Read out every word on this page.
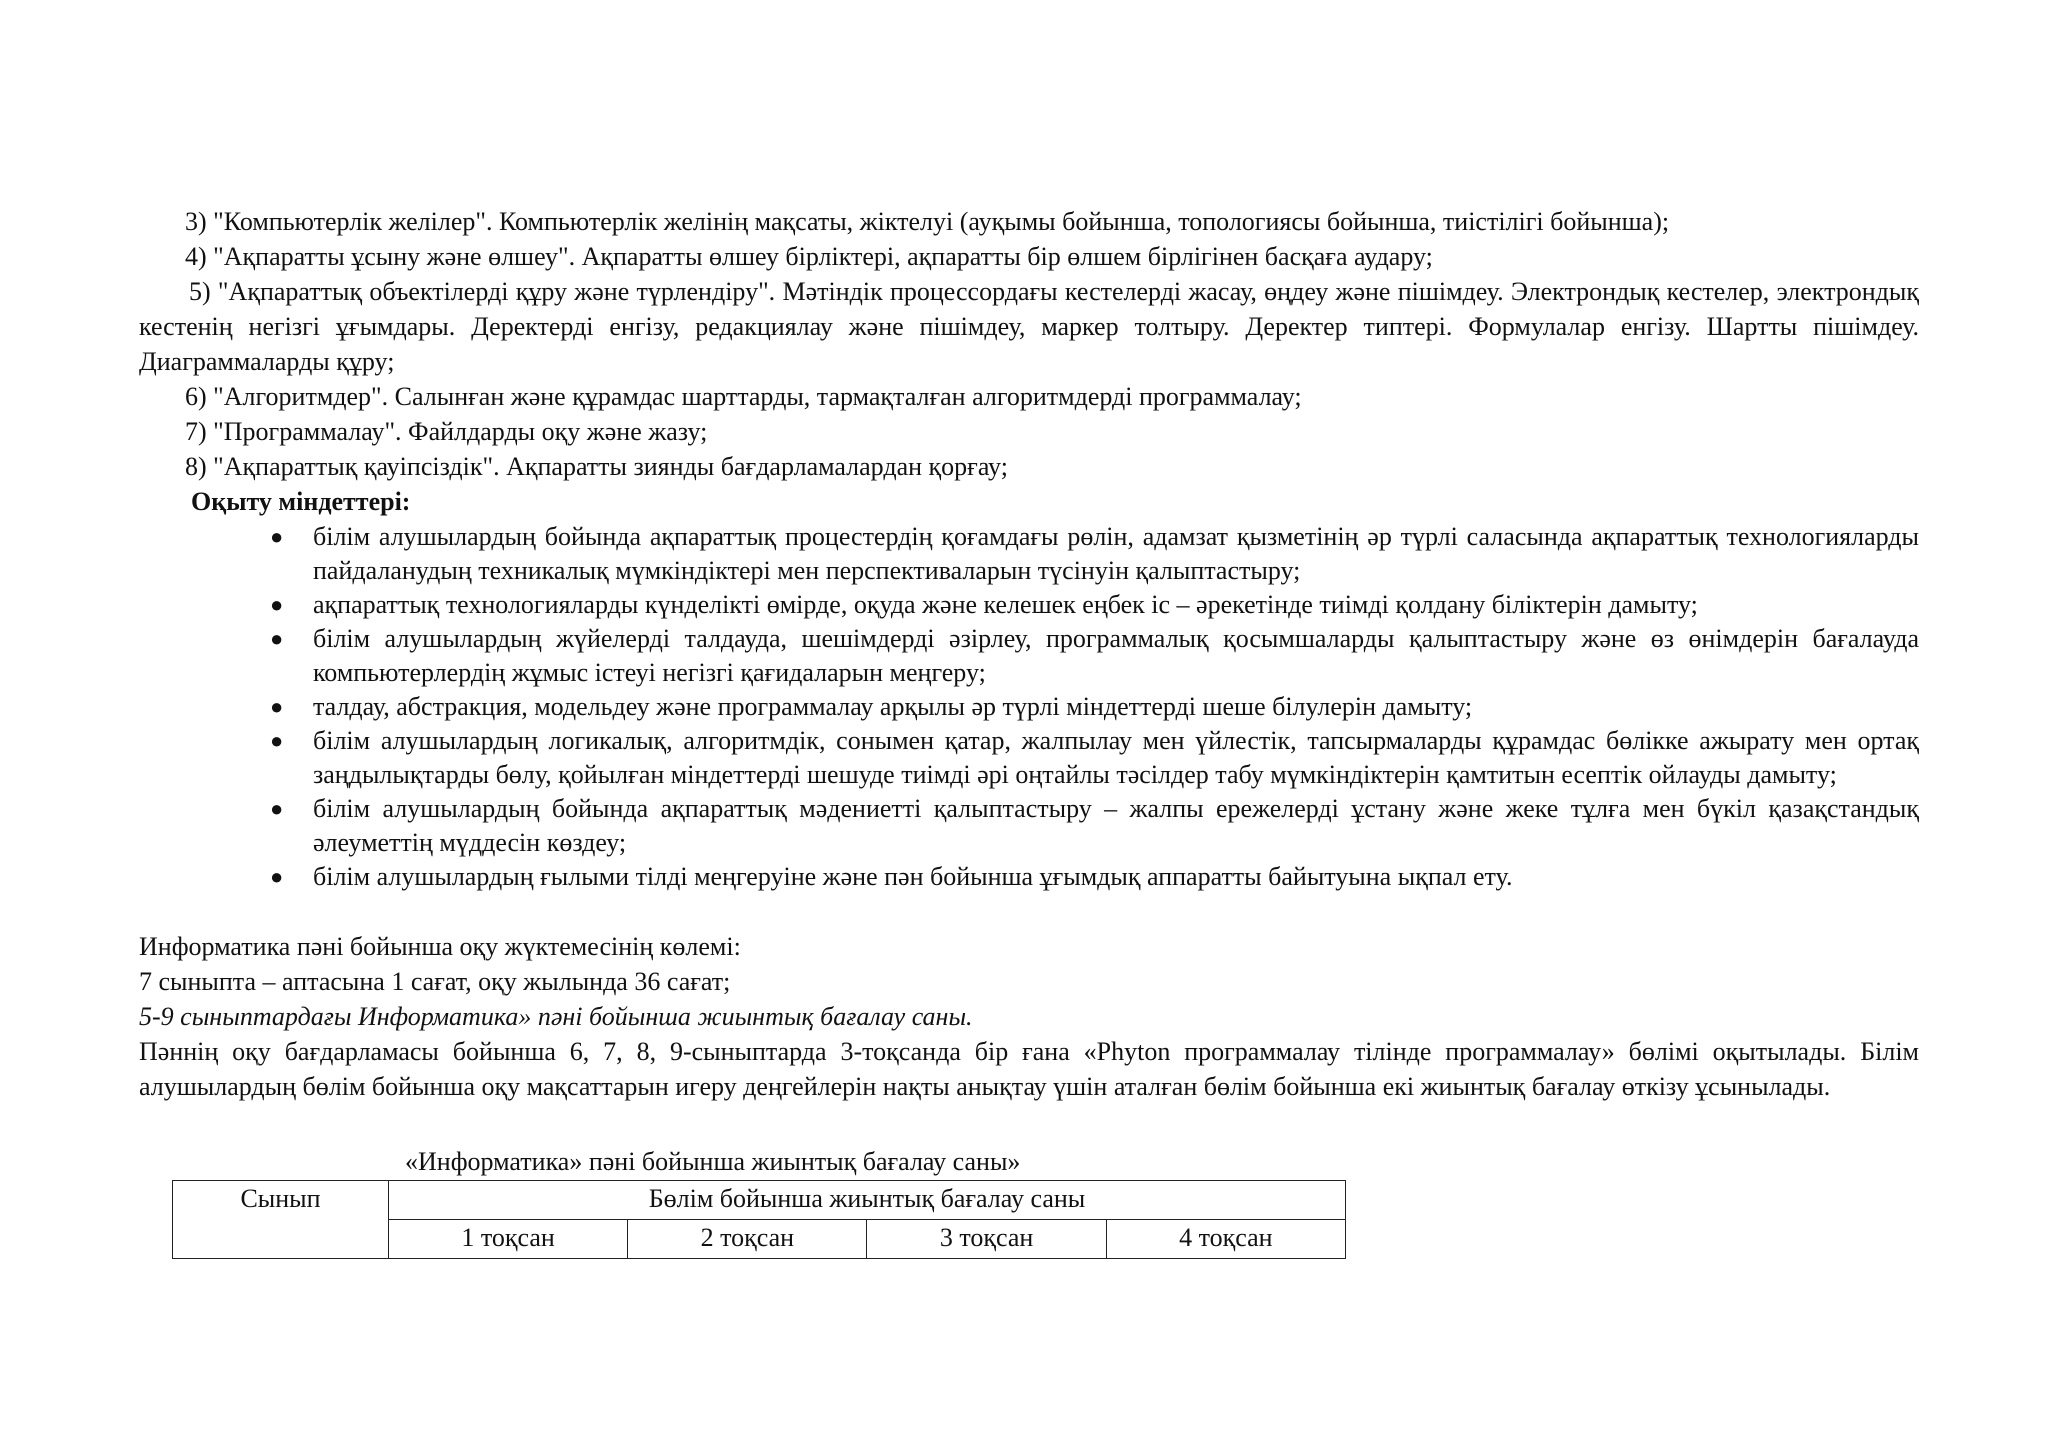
3) "Компьютерлік желілер". Компьютерлік желінің мақсаты, жіктелуі (ауқымы бойынша, топологиясы бойынша, тиістілігі бойынша);

4) "Ақпаратты ұсыну және өлшеу". Ақпаратты өлшеу бірліктері, ақпаратты бір өлшем бірлігінен басқаға аудару;

5) "Ақпараттық объектілерді құру және түрлендіру". Мәтіндік процессордағы кестелерді жасау, өңдеу және пішімдеу. Электрондық кестелер, электрондық кестенің негізгі ұғымдары. Деректерді енгізу, редакциялау және пішімдеу, маркер толтыру. Деректер типтері. Формулалар енгізу. Шартты пішімдеу. Диаграммаларды құру;

6) "Алгоритмдер". Салынған және құрамдас шарттарды, тармақталған алгоритмдерді программалау;

7) "Программалау". Файлдарды оқу және жазу;

8) "Ақпараттық қауіпсіздік". Ақпаратты зиянды бағдарламалардан қорғау;

Оқыту міндеттері:

● білім алушылардың бойында ақпараттық процестердің қоғамдағы рөлін, адамзат қызметінің әр түрлі саласында ақпараттық технологияларды пайдаланудың техникалық мүмкіндіктері мен перспективаларын түсінуін қалыптастыру;
● ақпараттық технологияларды күнделікті өмірде, оқуда және келешек еңбек іс – әрекетінде тиімді қолдану біліктерін дамыту;
● білім алушылардың жүйелерді талдауда, шешімдерді әзірлеу, программалық қосымшаларды қалыптастыру және өз өнімдерін бағалауда компьютерлердің жұмыс істеуі негізгі қағидаларын меңгеру;
● талдау, абстракция, модельдеу және программалау арқылы әр түрлі міндеттерді шеше білулерін дамыту;
● білім алушылардың логикалық, алгоритмдік, сонымен қатар, жалпылау мен үйлестік, тапсырмаларды құрамдас бөлікке ажырату мен ортақ заңдылықтарды бөлу, қойылған міндеттерді шешуде тиімді әрі оңтайлы тәсілдер табу мүмкіндіктерін қамтитын есептік ойлауды дамыту;
● білім алушылардың бойында ақпараттық мәдениетті қалыптастыру – жалпы ережелерді ұстану және жеке тұлға мен бүкіл қазақстандық әлеуметтің мүддесін көздеу;
● білім алушылардың ғылыми тілді меңгеруіне және пән бойынша ұғымдық аппаратты байытуына ықпал ету.

Информатика пәні бойынша оқу жүктемесінің көлемі:

7 сыныпта – аптасына 1 сағат, оқу жылында 36 сағат;

5-9 сыныптардағы Информатика» пәні бойынша жиынтық бағалау саны.

Пәннің оқу бағдарламасы бойынша 6, 7, 8, 9-сыныптарда 3-тоқсанда бір ғана «Phyton программалау тілінде программалау» бөлімі оқытылады. Білім алушылардың бөлім бойынша оқу мақсаттарын игеру деңгейлерін нақты анықтау үшін аталған бөлім бойынша екі жиынтық бағалау өткізу ұсынылады.

«Информатика» пәні бойынша жиынтық бағалау саны»

Сынып	Бөлім бойынша жиынтық бағалау саны			
	1 тоқсан	2 тоқсан	3 тоқсан	4 тоқсан
